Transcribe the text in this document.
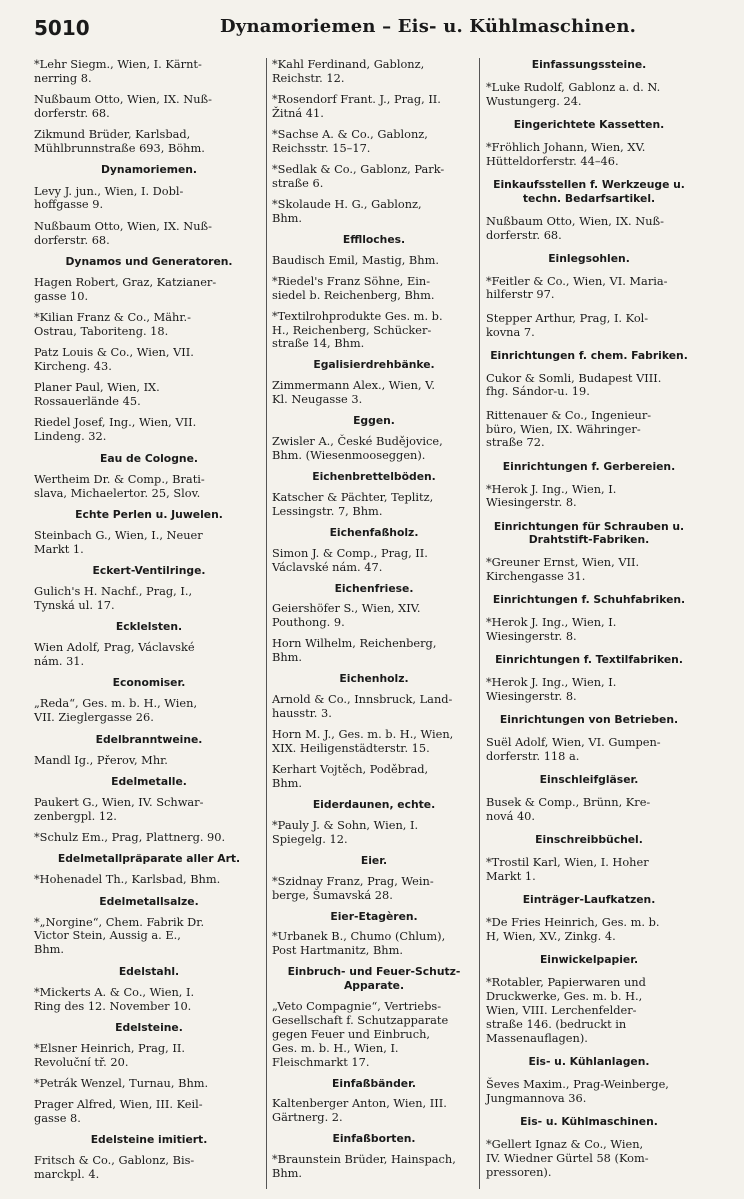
5010	Dynamoriemen – Eis- u. Kühlmaschinen.
*Lehr Siegm., Wien, I. Kärnt-
nerring 8.
Nußbaum Otto, Wien, IX. Nuß-
dorferstr. 68.
Zikmund Brüder, Karlsbad,
Mühlbrunnstraße 693, Böhm.
Dynamoriemen.
Levy J. jun., Wien, I. Dobl-
hoffgasse 9.
Nußbaum Otto, Wien, IX. Nuß-
dorferstr. 68.
Dynamos und Generatoren.
Hagen Robert, Graz, Katzianer-
gasse 10.
*Kilian Franz & Co., Mähr.-
Ostrau, Taboriteng. 18.
Patz Louis & Co., Wien, VII.
Kircheng. 43.
Planer Paul, Wien, IX.
Rossauerlände 45.
Riedel Josef, Ing., Wien, VII.
Lindeng. 32.
Eau de Cologne.
Wertheim Dr. & Comp., Brati-
slava, Michaelertor. 25, Slov.
Echte Perlen u. Juwelen.
Steinbach G., Wien, I., Neuer
Markt 1.
Eckert-Ventilringe.
Gulich's H. Nachf., Prag, I.,
Tynská ul. 17.
Ecklelsten.
Wien Adolf, Prag, Václavské
nám. 31.
Economiser.
„Reda“, Ges. m. b. H., Wien,
VII. Zieglergasse 26.
Edelbranntweine.
Mandl Ig., Přerov, Mhr.
Edelmetalle.
Paukert G., Wien, IV. Schwar-
zenbergpl. 12.
*Schulz Em., Prag, Plattnerg. 90.
Edelmetallpräparate aller Art.
*Hohenadel Th., Karlsbad, Bhm.
Edelmetallsalze.
*„Norgine“, Chem. Fabrik Dr.
Victor Stein, Aussig a. E.,
Bhm.
Edelstahl.
*Mickerts A. & Co., Wien, I.
Ring des 12. November 10.
Edelsteine.
*Elsner Heinrich, Prag, II.
Revoluční tř. 20.
*Petrák Wenzel, Turnau, Bhm.
Prager Alfred, Wien, III. Keil-
gasse 8.
Edelsteine imitiert.
Fritsch & Co., Gablonz, Bis-
marckpl. 4.
*Kahl Ferdinand, Gablonz,
Reichstr. 12.
*Rosendorf Frant. J., Prag, II.
Žitná 41.
*Sachse A. & Co., Gablonz,
Reichsstr. 15–17.
*Sedlak & Co., Gablonz, Park-
straße 6.
*Skolaude H. G., Gablonz,
Bhm.
Efflloches.
Baudisch Emil, Mastig, Bhm.
*Riedel's Franz Söhne, Ein-
siedel b. Reichenberg, Bhm.
*Textilrohprodukte Ges. m. b.
H., Reichenberg, Schücker-
straße 14, Bhm.
Egalisierdrehbänke.
Zimmermann Alex., Wien, V.
Kl. Neugasse 3.
Eggen.
Zwisler A., České Budějovice,
Bhm. (Wiesenmooseggen).
Eichenbrettelböden.
Katscher & Pächter, Teplitz,
Lessingstr. 7, Bhm.
Eichenfaßholz.
Simon J. & Comp., Prag, II.
Václavské nám. 47.
Eichenfriese.
Geiershöfer S., Wien, XIV.
Pouthong. 9.
Horn Wilhelm, Reichenberg,
Bhm.
Eichenholz.
Arnold & Co., Innsbruck, Land-
hausstr. 3.
Horn M. J., Ges. m. b. H., Wien,
XIX. Heiligenstädterstr. 15.
Kerhart Vojtěch, Poděbrad,
Bhm.
Eiderdaunen, echte.
*Pauly J. & Sohn, Wien, I.
Spiegelg. 12.
Eier.
*Szidnay Franz, Prag, Wein-
berge, Šumavská 28.
Eier-Etagèren.
*Urbanek B., Chumo (Chlum),
Post Hartmanitz, Bhm.
Einbruch- und Feuer-Schutz-
Apparate.
„Veto Compagnie“, Vertriebs-
Gesellschaft f. Schutzapparate
gegen Feuer und Einbruch,
Ges. m. b. H., Wien, I.
Fleischmarkt 17.
Einfaßbänder.
Kaltenberger Anton, Wien, III.
Gärtnerg. 2.
Einfaßborten.
*Braunstein Brüder, Hainspach,
Bhm.
Einfassungssteine.
*Luke Rudolf, Gablonz a. d. N.
Wustungerg. 24.
Eingerichtete Kassetten.
*Fröhlich Johann, Wien, XV.
Hütteldorferstr. 44–46.
Einkaufsstellen f. Werkzeuge u.
techn. Bedarfsartikel.
Nußbaum Otto, Wien, IX. Nuß-
dorferstr. 68.
Einlegsohlen.
*Feitler & Co., Wien, VI. Maria-
hilferstr 97.
Stepper Arthur, Prag, I. Kol-
kovna 7.
Einrichtungen f. chem. Fabriken.
Cukor & Somli, Budapest VIII.
fhg. Sándor-u. 19.
Rittenauer & Co., Ingenieur-
büro, Wien, IX. Währinger-
straße 72.
Einrichtungen f. Gerbereien.
*Herok J. Ing., Wien, I.
Wiesingerstr. 8.
Einrichtungen für Schrauben u.
Drahtstift-Fabriken.
*Greuner Ernst, Wien, VII.
Kirchengasse 31.
Einrichtungen f. Schuhfabriken.
*Herok J. Ing., Wien, I.
Wiesingerstr. 8.
Einrichtungen f. Textilfabriken.
*Herok J. Ing., Wien, I.
Wiesingerstr. 8.
Einrichtungen von Betrieben.
Suël Adolf, Wien, VI. Gumpen-
dorferstr. 118 a.
Einschleifgläser.
Busek & Comp., Brünn, Kre-
nová 40.
Einschreibbüchel.
*Trostil Karl, Wien, I. Hoher
Markt 1.
Einträger-Laufkatzen.
*De Fries Heinrich, Ges. m. b.
H, Wien, XV., Zinkg. 4.
Einwickelpapier.
*Rotabler, Papierwaren und
Druckwerke, Ges. m. b. H.,
Wien, VIII. Lerchenfelder-
straße 146. (bedruckt in
Massenauflagen).
Eis- u. Kühlanlagen.
Ševes Maxim., Prag-Weinberge,
Jungmannova 36.
Eis- u. Kühlmaschinen.
*Gellert Ignaz & Co., Wien,
IV. Wiedner Gürtel 58 (Kom-
pressoren).
